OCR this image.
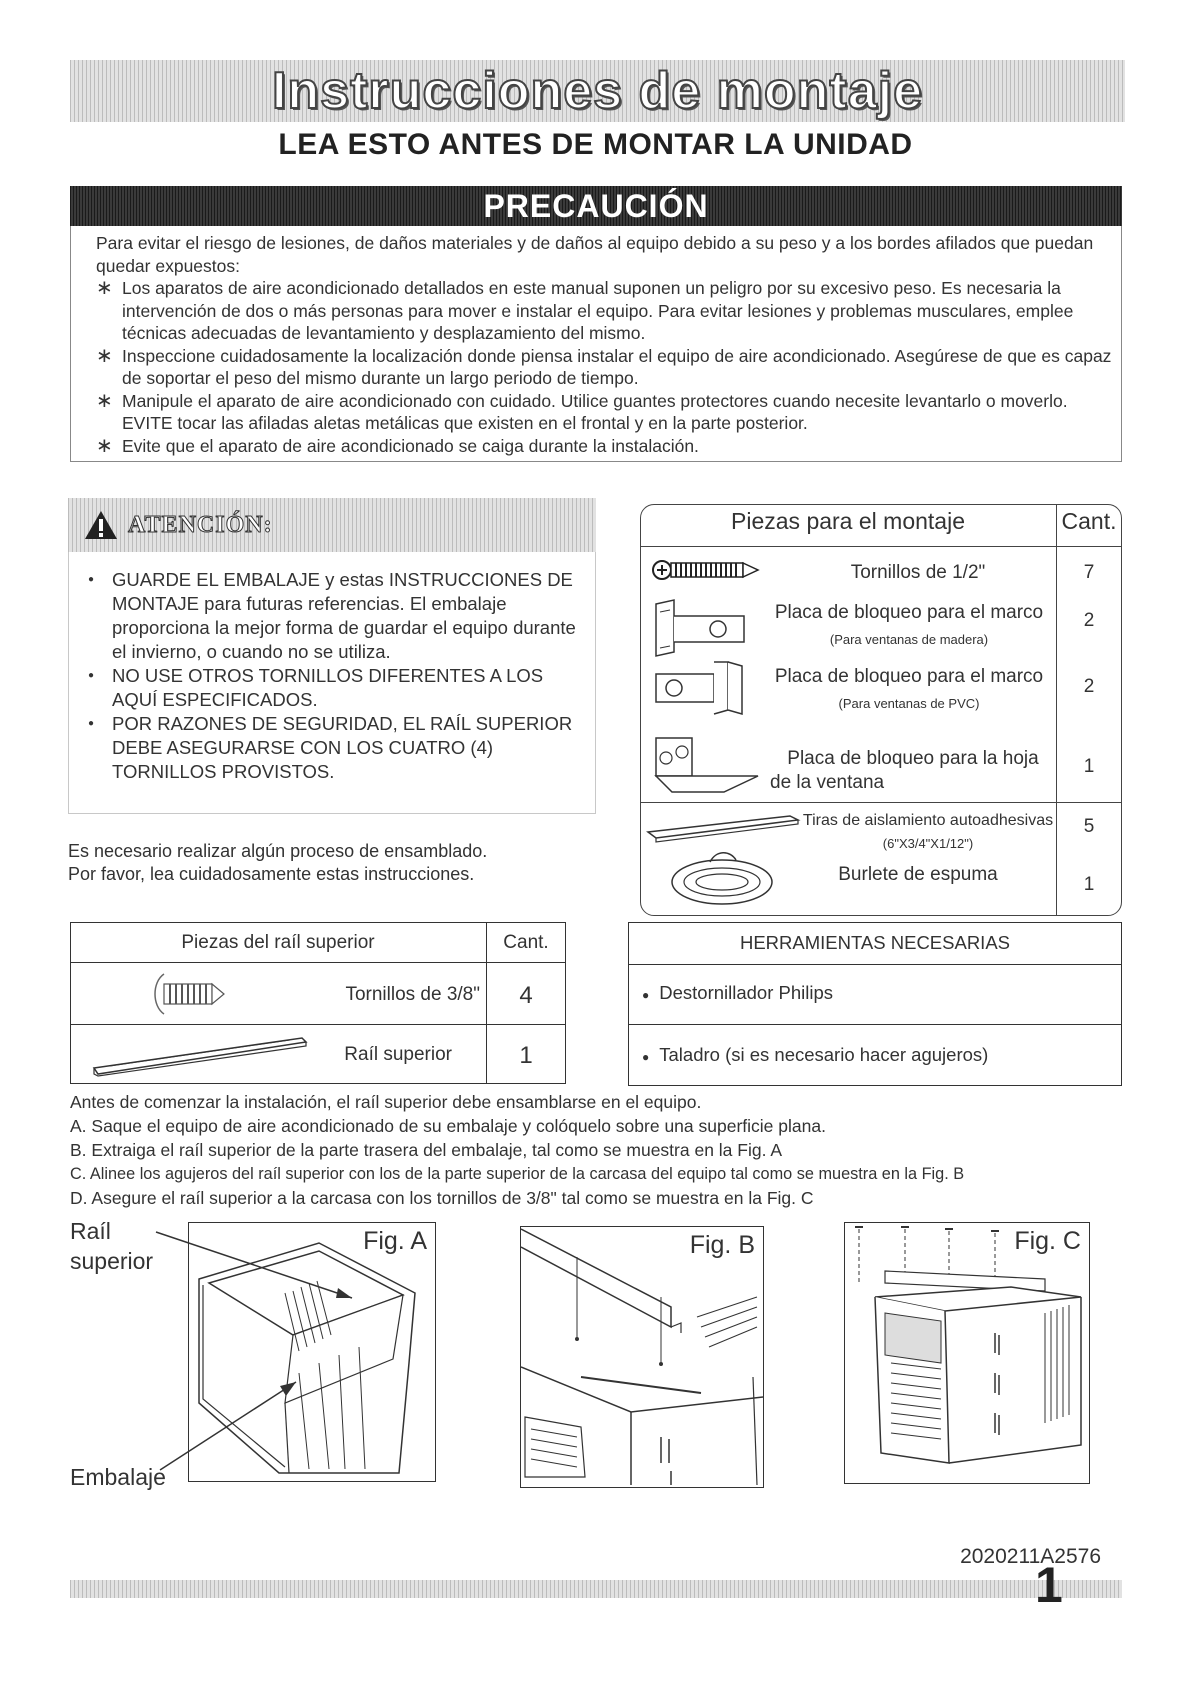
Instrucciones de montaje
LEA ESTO ANTES DE MONTAR LA UNIDAD
PRECAUCIÓN

Para evitar el riesgo de lesiones, de daños materiales y de daños al equipo debido a su peso y a los bordes afilados que puedan quedar expuestos:

∗ Los aparatos de aire acondicionado detallados en este manual suponen un peligro por su excesivo peso. Es necesaria la intervención de dos o más personas para mover e instalar el equipo. Para evitar lesiones y problemas musculares, emplee técnicas adecuadas de levantamiento y desplazamiento del mismo.

∗ Inspeccione cuidadosamente la localización donde piensa instalar el equipo de aire acondicionado. Asegúrese de que es capaz de soportar el peso del mismo durante un largo periodo de tiempo.

∗ Manipule el aparato de aire acondicionado con cuidado. Utilice guantes protectores cuando necesite levantarlo o moverlo. EVITE tocar las afiladas aletas metálicas que existen en el frontal y en la parte posterior.

∗ Evite que el aparato de aire acondicionado se caiga durante la instalación.

ATENCIÓN:
● GUARDE EL EMBALAJE y estas INSTRUCCIONES DE MONTAJE para futuras referencias. El embalaje proporciona la mejor forma de guardar el equipo durante el invierno, o cuando no se utiliza.
● NO USE OTROS TORNILLOS DIFERENTES A LOS AQUÍ ESPECIFICADOS.
● POR RAZONES DE SEGURIDAD, EL RAÍL SUPERIOR DEBE ASEGURARSE CON LOS CUATRO (4) TORNILLOS PROVISTOS.
Es necesario realizar algún proceso de ensamblado.
Por favor, lea cuidadosamente estas instrucciones.
Piezas para el montaje	Cant.
Tornillos de 1/2"	7
Placa de bloqueo para el marco
(Para ventanas de madera)
2
Placa de bloqueo para el marco
(Para ventanas de PVC)
2
Placa de bloqueo para la hoja
de la ventana
1
Tiras de aislamiento autoadhesivas
(6"X3/4"X1/12")
5
Burlete de espuma	1
Piezas del raíl superior	Cant.
Tornillos de 3/8"	4
Raíl superior	1
HERRAMIENTAS NECESARIAS
● Destornillador Philips
● Taladro (si es necesario hacer agujeros)
Antes de comenzar la instalación, el raíl superior debe ensamblarse en el equipo.
A. Saque el equipo de aire acondicionado de su embalaje y colóquelo sobre una superficie plana.
B. Extraiga el raíl superior de la parte trasera del embalaje, tal como se muestra en la Fig. A
C. Alinee los agujeros del raíl superior con los de la parte superior de la carcasa del equipo tal como se muestra en la Fig. B
D. Asegure el raíl superior a la carcasa con los tornillos de 3/8" tal como se muestra en la Fig. C
Raíl
superior
Embalaje
Fig. A	Fig. B	Fig. C
2020211A2576
1
